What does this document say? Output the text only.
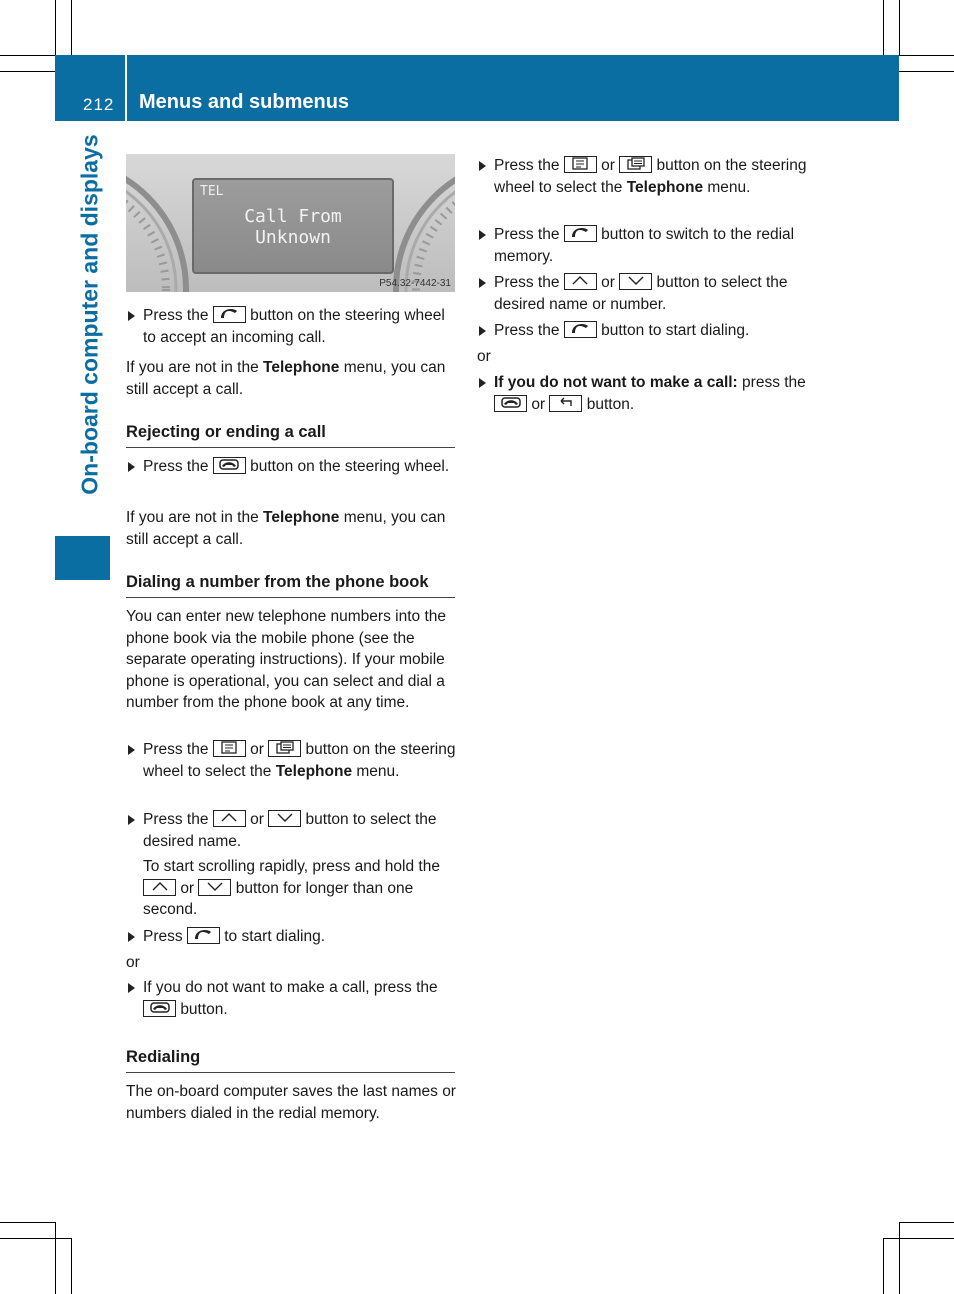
212 Menus and submenus
On-board computer and displays	TEL
Call From
Unknown
P54.32-7442-31

Press the	button on the steering wheel to accept an incoming call.

If you are not in the Telephone menu, you can still accept a call.

Rejecting or ending a call

Press the	button on the steering wheel.

If you are not in the Telephone menu, you can still accept a call.

Dialing a number from the phone book

You can enter new telephone numbers into the phone book via the mobile phone (see the separate operating instructions). If your mobile phone is operational, you can select and dial a number from the phone book at any time.

Press the	or	button on the steering wheel to select the Telephone menu.

Press the	or	button to select the desired name.

To start scrolling rapidly, press and hold the
or	button for longer than one second.

Press	to start dialing.

or

If you do not want to make a call, press the
button.

Redialing

The on-board computer saves the last names or numbers dialed in the redial memory.

Press the	or	button on the steering wheel to select the Telephone menu.

Press the	button to switch to the redial memory.

Press the	or	button to select the desired name or number.

Press the	button to start dialing.

or

If you do not want to make a call: press the
or	button.
